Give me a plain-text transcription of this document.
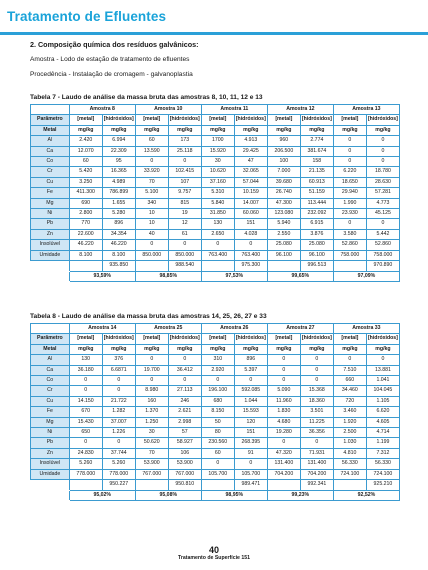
Tratamento de Efluentes
2. Composição química dos resíduos galvânicos:
Amostra - Lodo de estação de tratamento de efluentes
Procedência - Instalação de cromagem - galvanoplastia
Tabela 7 - Laudo de análise da massa bruta das amostras 8, 10, 11, 12 e 13
	Amostra 8		Amostra 10		Amostra 11		Amostra 12		Amostra 13	
Parâmetro	[metal]	[hidróxidos]	[metal]	[hidróxidos]	[metal]	[hidróxidos]	[metal]	[hidróxidos]	[metal]	[hidróxidos]
Metal	mg/kg	mg/kg	mg/kg	mg/kg	mg/kg	mg/kg	mg/kg	mg/kg	mg/kg	mg/kg
Al	2.420	6.994	60	173	1700	4.913	960	2.774	0	0
Ca	12.070	22.309	13.590	25.118	15.920	29.425	206.500	381.674	0	0
Co	60	95	0	0	30	47	100	158	0	0
Cr	5.420	16.365	33.920	102.415	10.620	32.065	7.000	21.135	6.220	18.780
Cu	3.250	4.989	70	107	37.160	57.044	39.680	60.913	18.650	28.630
Fe	411.300	786.899	5.100	9.757	5.310	10.159	26.740	51.159	29.940	57.281
Mg	690	1.655	340	815	5.840	14.007	47.300	113.444	1.990	4.773
Ni	2.800	5.280	10	19	31.850	60.060	123.080	232.092	23.930	45.125
Pb	770	896	10	12	130	151	5.940	6.915	0	0
Zn	22.600	34.354	40	61	2.650	4.028	2.550	3.876	3.580	5.442
Insolúvel	46.220	46.220	0	0	0	0	25.080	25.080	52.860	52.860
Umidade	8.100	8.100	850.000	850.000	763.400	763.400	96.100	96.100	758.000	758.000
		935.850		988.540		975.300		996.513		970.890
	93,59%		98,85%		97,53%		99,65%		97,09%	
Tabela 8 - Laudo de análise da massa bruta das amostras 14, 25, 26, 27 e 33
	Amostra 14		Amostra 25		Amostra 26		Amostra 27		Amostra 33	
Parâmetro	[metal]	[hidróxidos]	[metal]	[hidróxidos]	[metal]	[hidróxidos]	[metal]	[hidróxidos]	[metal]	[hidróxidos]
Metal	mg/kg	mg/kg	mg/kg	mg/kg	mg/kg	mg/kg	mg/kg	mg/kg	mg/kg	mg/kg
Al	130	376	0	0	310	896	0	0	0	0
Ca	36.180	6.6871	19.700	36.412	2.920	5.397	0	0	7.510	13.881
Co	0	0	0	0	0	0	0	0	660	1.041
Cr	0	0	8.980	27.113	196.100	592.085	5.090	15.368	34.460	104.045
Cu	14.150	21.722	160	246	680	1.044	11.960	18.360	720	1.105
Fe	670	1.282	1.370	2.621	8.150	15.593	1.830	3.501	3.460	6.620
Mg	15.430	37.007	1.250	2.998	50	120	4.680	11.225	1.920	4.605
Ni	650	1.226	30	57	80	151	19.280	36.356	2.500	4.714
Pb	0	0	50.620	58.927	230.560	268.395	0	0	1.030	1.199
Zn	24.830	37.744	70	106	60	91	47.320	71.931	4.810	7.312
Insolúvel	5.260	5.260	53.900	53.900	0	0	131.400	131.400	56.330	56.330
Umidade	778.000	778.000	767.000	767.000	105.700	105.700	704.200	704.200	724.100	724.100
		950.227		950.810		989.471		992.341		925.210
	95,02%		95,08%		98,95%		99,23%		92,52%	
40
Tratamento de Superfície 151
